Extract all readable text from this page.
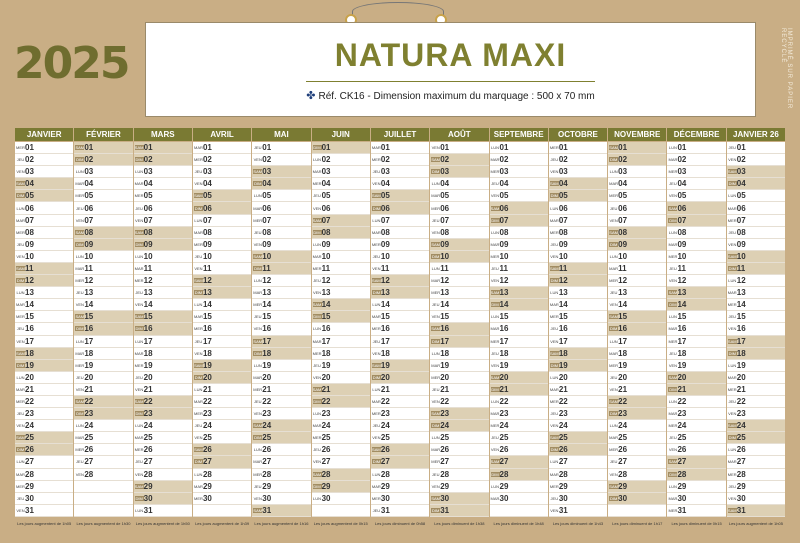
2025	NATURA MAXI
✤ Réf. CK16 - Dimension maximum du marquage : 500 x 70 mm	IMPRIMÉ SUR PAPIER RECYCLÉ
JANVIER
MER 01
JEU 02
VEN 03
SAM 04
DIM 05
LUN 06
MAR 07
MER 08
JEU 09
VEN 10
SAM 11
DIM 12
LUN 13
MAR 14
MER 15
JEU 16
VEN 17
SAM 18
DIM 19
LUN 20
MAR 21
MER 22
JEU 23
VEN 24
SAM 25
DIM 26
LUN 27
MAR 28
MER 29
JEU 30
VEN 31
Les jours augmentent de 1h05
FÉVRIER
SAM 01
DIM 02
LUN 03
MAR 04
MER 05
JEU 06
VEN 07
SAM 08
DIM 09
LUN 10
MAR 11
MER 12
JEU 13
VEN 14
SAM 15
DIM 16
LUN 17
MAR 18
MER 19
JEU 20
VEN 21
SAM 22
DIM 23
LUN 24
MAR 25
MER 26
JEU 27
VEN 28
Les jours augmentent de 1h30
MARS
SAM 01
DIM 02
LUN 03
MAR 04
MER 05
JEU 06
VEN 07
SAM 08
DIM 09
LUN 10
MAR 11
MER 12
JEU 13
VEN 14
SAM 15
DIM 16
LUN 17
MAR 18
MER 19
JEU 20
VEN 21
SAM 22
DIM 23
LUN 24
MAR 25
MER 26
JEU 27
VEN 28
SAM 29
DIM 30
LUN 31
Les jours augmentent de 1h50
AVRIL
MAR 01
MER 02
JEU 03
VEN 04
SAM 05
DIM 06
LUN 07
MAR 08
MER 09
JEU 10
VEN 11
SAM 12
DIM 13
LUN 14
MAR 15
MER 16
JEU 17
VEN 18
SAM 19
DIM 20
LUN 21
MAR 22
MER 23
JEU 24
VEN 25
SAM 26
DIM 27
LUN 28
MAR 29
MER 30
Les jours augmentent de 1h39
MAI
JEU 01
VEN 02
SAM 03
DIM 04
LUN 05
MAR 06
MER 07
JEU 08
VEN 09
SAM 10
DIM 11
LUN 12
MAR 13
MER 14
JEU 15
VEN 16
SAM 17
DIM 18
LUN 19
MAR 20
MER 21
JEU 22
VEN 23
SAM 24
DIM 25
LUN 26
MAR 27
MER 28
JEU 29
VEN 30
SAM 31
Les jours augmentent de 1h16
JUIN
DIM 01
LUN 02
MAR 03
MER 04
JEU 05
VEN 06
SAM 07
DIM 08
LUN 09
MAR 10
MER 11
JEU 12
VEN 13
SAM 14
DIM 15
LUN 16
MAR 17
MER 18
JEU 19
VEN 20
SAM 21
DIM 22
LUN 23
MAR 24
MER 25
JEU 26
VEN 27
SAM 28
DIM 29
LUN 30
Les jours augmentent de 0h15
JUILLET
MAR 01
MER 02
JEU 03
VEN 04
SAM 05
DIM 06
LUN 07
MAR 08
MER 09
JEU 10
VEN 11
SAM 12
DIM 13
LUN 14
MAR 15
MER 16
JEU 17
VEN 18
SAM 19
DIM 20
LUN 21
MAR 22
MER 23
JEU 24
VEN 25
SAM 26
DIM 27
LUN 28
MAR 29
MER 30
JEU 31
Les jours diminuent de 0h58
AOÛT
VEN 01
SAM 02
DIM 03
LUN 04
MAR 05
MER 06
JEU 07
VEN 08
SAM 09
DIM 10
LUN 11
MAR 12
MER 13
JEU 14
VEN 15
SAM 16
DIM 17
LUN 18
MAR 19
MER 20
JEU 21
VEN 22
SAM 23
DIM 24
LUN 25
MAR 26
MER 27
JEU 28
VEN 29
SAM 30
DIM 31
Les jours diminuent de 1h38
SEPTEMBRE
LUN 01
MAR 02
MER 03
JEU 04
VEN 05
SAM 06
DIM 07
LUN 08
MAR 09
MER 10
JEU 11
VEN 12
SAM 13
DIM 14
LUN 15
MAR 16
MER 17
JEU 18
VEN 19
SAM 20
DIM 21
LUN 22
MAR 23
MER 24
JEU 25
VEN 26
SAM 27
DIM 28
LUN 29
MAR 30
Les jours diminuent de 1h48
OCTOBRE
MER 01
JEU 02
VEN 03
SAM 04
DIM 05
LUN 06
MAR 07
MER 08
JEU 09
VEN 10
SAM 11
DIM 12
LUN 13
MAR 14
MER 15
JEU 16
VEN 17
SAM 18
DIM 19
LUN 20
MAR 21
MER 22
JEU 23
VEN 24
SAM 25
DIM 26
LUN 27
MAR 28
MER 29
JEU 30
VEN 31
Les jours diminuent de 1h43
NOVEMBRE
SAM 01
DIM 02
LUN 03
MAR 04
MER 05
JEU 06
VEN 07
SAM 08
DIM 09
LUN 10
MAR 11
MER 12
JEU 13
VEN 14
SAM 15
DIM 16
LUN 17
MAR 18
MER 19
JEU 20
VEN 21
SAM 22
DIM 23
LUN 24
MAR 25
MER 26
JEU 27
VEN 28
SAM 29
DIM 30
Les jours diminuent de 1h17
DÉCEMBRE
LUN 01
MAR 02
MER 03
JEU 04
VEN 05
SAM 06
DIM 07
LUN 08
MAR 09
MER 10
JEU 11
VEN 12
SAM 13
DIM 14
LUN 15
MAR 16
MER 17
JEU 18
VEN 19
SAM 20
DIM 21
LUN 22
MAR 23
MER 24
JEU 25
VEN 26
SAM 27
DIM 28
LUN 29
MAR 30
MER 31
Les jours diminuent de 0h15
JANVIER 26
JEU 01
VEN 02
SAM 03
DIM 04
LUN 05
MAR 06
MER 07
JEU 08
VEN 09
SAM 10
DIM 11
LUN 12
MAR 13
MER 14
JEU 15
VEN 16
SAM 17
DIM 18
LUN 19
MAR 20
MER 21
JEU 22
VEN 23
SAM 24
DIM 25
LUN 26
MAR 27
MER 28
JEU 29
VEN 30
SAM 31
Les jours augmentent de 1h05
